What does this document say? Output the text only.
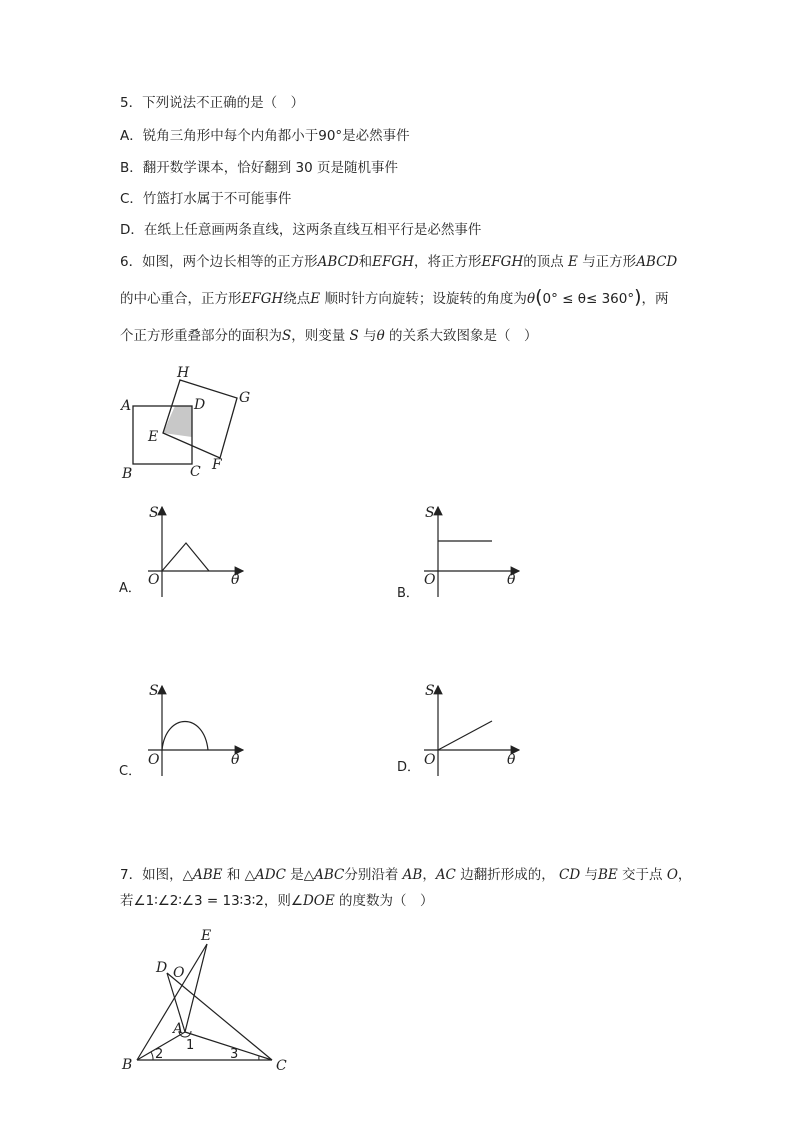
5．下列说法不正确的是（　）
A．锐角三角形中每个内角都小于90°是必然事件
B．翻开数学课本，恰好翻到 30 页是随机事件
C．竹篮打水属于不可能事件
D．在纸上任意画两条直线，这两条直线互相平行是必然事件
6．如图，两个边长相等的正方形ABCD和EFGH，将正方形EFGH的顶点 E 与正方形ABCD
的中心重合，正方形EFGH绕点E 顺时针方向旋转；设旋转的角度为θ(0° ≤ θ≤ 360°)，两
个正方形重叠部分的面积为S，则变量 S 与θ 的关系大致图象是（　）
A	D
B	C
E
H
G
F
S
O	θ
A．
S
O	θ
B．
S
O	θ
C．
S
O	θ
D．
E
D O
A
B	C
1
2	3
7．如图，△ABE 和 △ADC 是△ABC分别沿着 AB，AC 边翻折形成的， CD 与BE 交于点 O，
若∠1∶∠2∶∠3 = 13∶3∶2，则∠DOE 的度数为（　）
